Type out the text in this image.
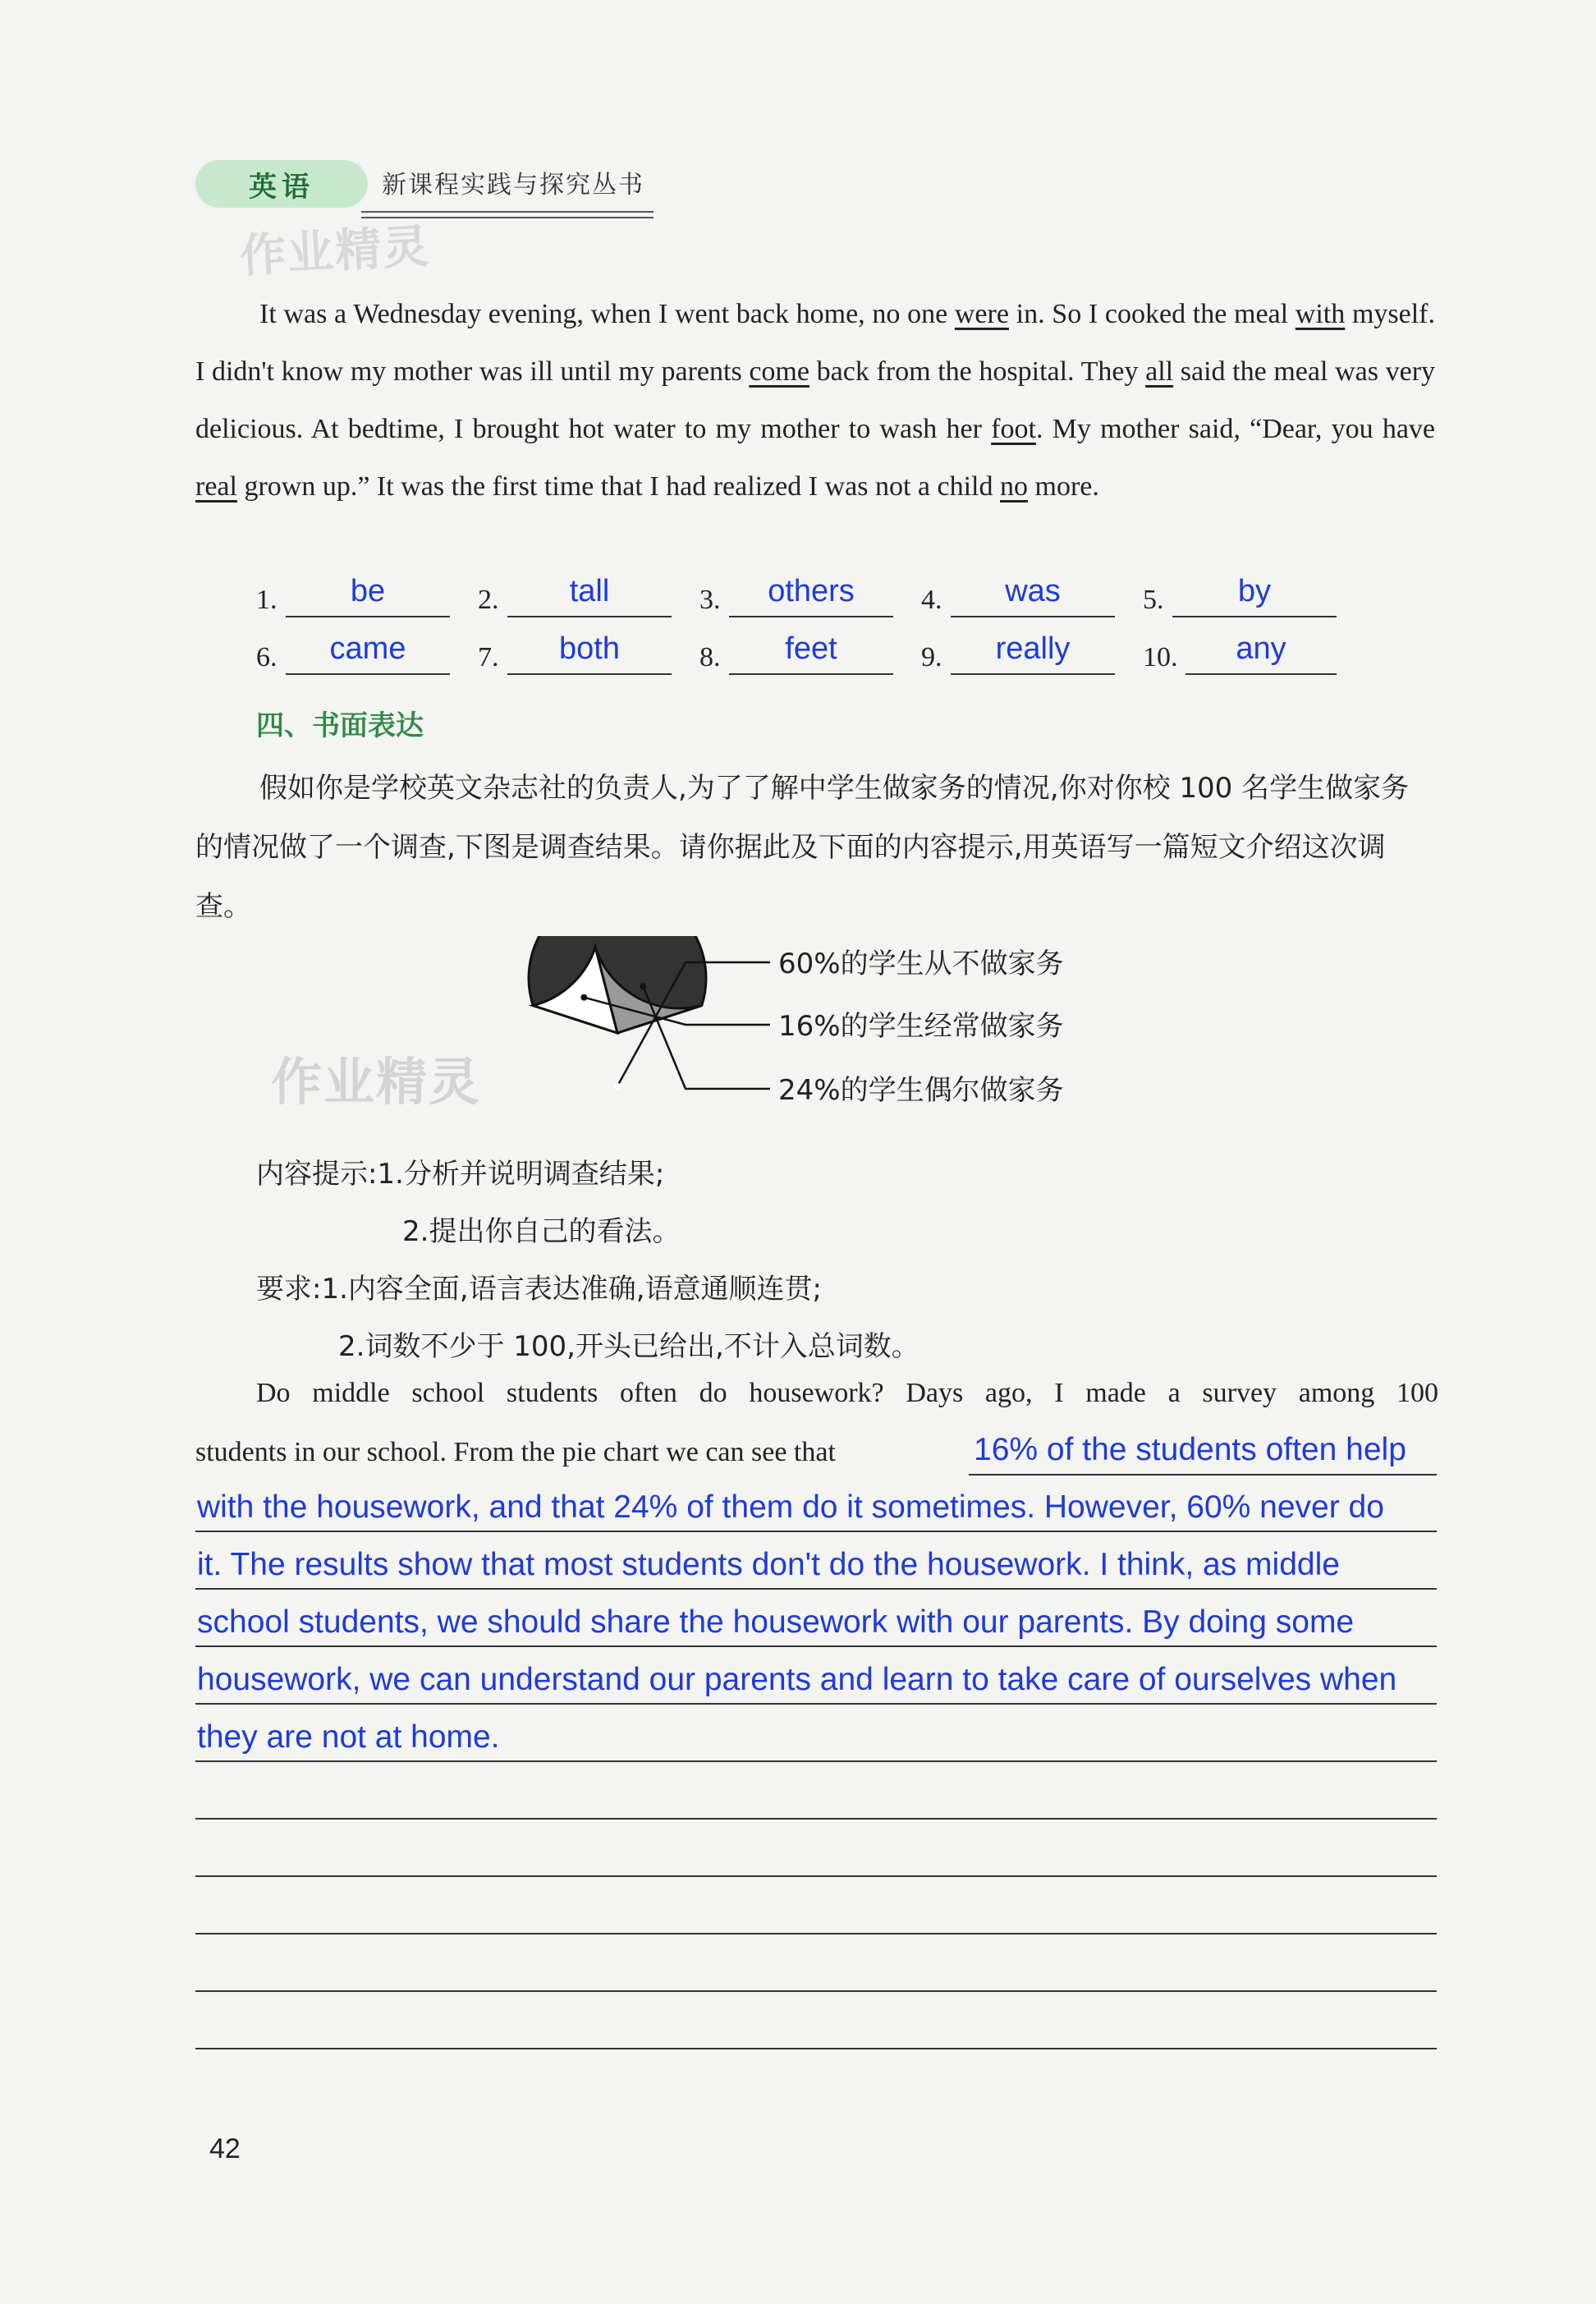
英语	新课程实践与探究丛书
作业精灵

It was a Wednesday evening, when I went back home, no one were in. So I cooked the meal with myself. I didn't know my mother was ill until my parents come back from the hospital. They all said the meal was very delicious. At bedtime, I brought hot water to my mother to wash her foot. My mother said, “Dear, you have real grown up.” It was the first time that I had realized I was not a child no more.

1.	be	2.	tall	3.	others	4.	was	5.	by
6.	came	7.	both	8.	feet	9.	really	10.	any
四、书面表达

假如你是学校英文杂志社的负责人,为了了解中学生做家务的情况,你对你校 100 名学生做家务的情况做了一个调查,下图是调查结果。请你据此及下面的内容提示,用英语写一篇短文介绍这次调查。

60%的学生从不做家务
16%的学生经常做家务
24%的学生偶尔做家务
作业精灵
内容提示:1.分析并说明调查结果;
2.提出你自己的看法。
要求:1.内容全面,语言表达准确,语意通顺连贯;
2.词数不少于 100,开头已给出,不计入总词数。
Do middle school students often do housework? Days ago, I made a survey among 100
students in our school. From the pie chart we can see that	16% of the students often help
with the housework, and that 24% of them do it sometimes. However, 60% never do
it. The results show that most students don't do the housework. I think, as middle
school students, we should share the housework with our parents. By doing some
housework, we can understand our parents and learn to take care of ourselves when
they are not at home.
42
